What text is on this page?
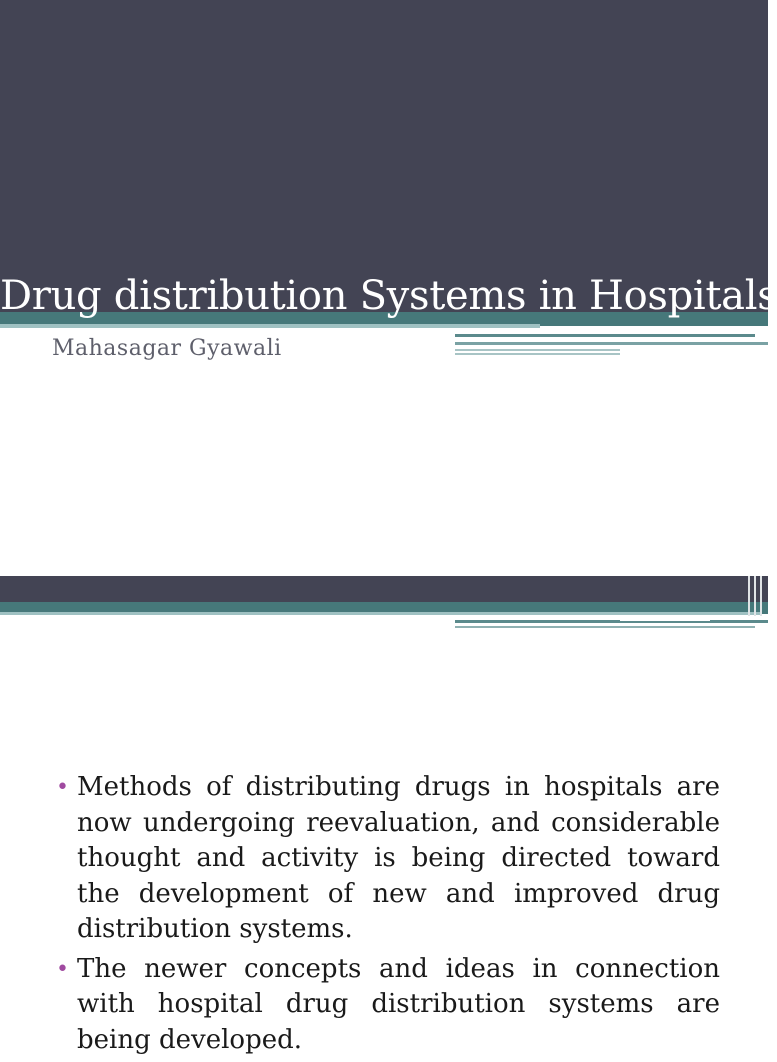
Drug distribution Systems in Hospitals
Mahasagar Gyawali
• Methods of distributing drugs in hospitals are now undergoing reevaluation, and considerable thought and activity is being directed toward the development of new and improved drug distribution systems.
• The newer concepts and ideas in connection with hospital drug distribution systems are being developed.
